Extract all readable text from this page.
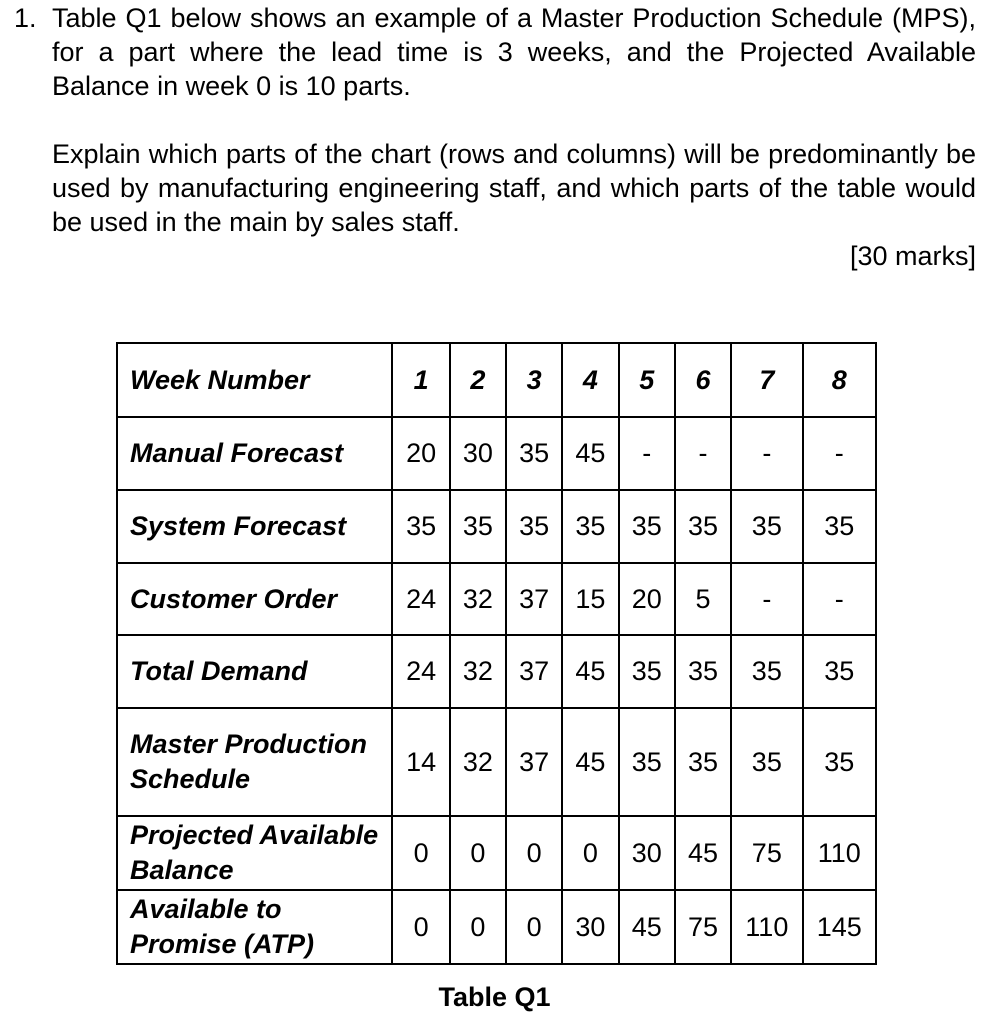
1. Table Q1 below shows an example of a Master Production Schedule (MPS), for a part where the lead time is 3 weeks, and the Projected Available Balance in week 0 is 10 parts.

Explain which parts of the chart (rows and columns) will be predominantly be used by manufacturing engineering staff, and which parts of the table would be used in the main by sales staff.

[30 marks]

Week Number	1	2	3	4	5	6	7	8
Manual Forecast	20	30	35	45	-	-	-	-
System Forecast	35	35	35	35	35	35	35	35
Customer Order	24	32	37	15	20	5	-	-
Total Demand	24	32	37	45	35	35	35	35
Master Production Schedule	14	32	37	45	35	35	35	35
Projected Available Balance	0	0	0	0	30	45	75	110
Available to Promise (ATP)	0	0	0	30	45	75	110	145
Table Q1
